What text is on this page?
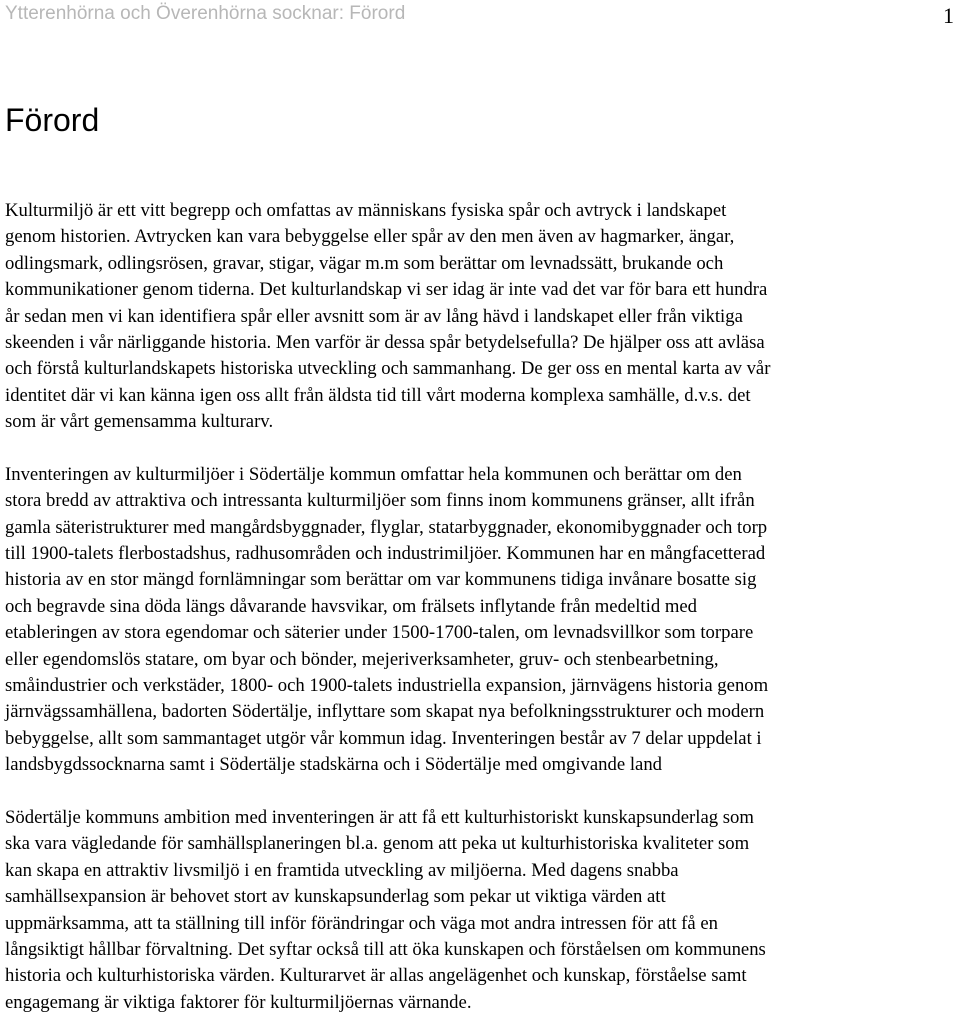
Ytterenhörna och Överenhörna socknar: Förord	1
Förord
Kulturmiljö är ett vitt begrepp och omfattas av människans fysiska spår och avtryck i landskapet
genom historien. Avtrycken kan vara bebyggelse eller spår av den men även av hagmarker, ängar,
odlingsmark, odlingsrösen, gravar, stigar, vägar m.m som berättar om levnadssätt, brukande och
kommunikationer genom tiderna. Det kulturlandskap vi ser idag är inte vad det var för bara ett hundra
år sedan men vi kan identifiera spår eller avsnitt som är av lång hävd i landskapet eller från viktiga
skeenden i vår närliggande historia. Men varför är dessa spår betydelsefulla? De hjälper oss att avläsa
och förstå kulturlandskapets historiska utveckling och sammanhang. De ger oss en mental karta av vår
identitet där vi kan känna igen oss allt från äldsta tid till vårt moderna komplexa samhälle, d.v.s. det
som är vårt gemensamma kulturarv.
Inventeringen av kulturmiljöer i Södertälje kommun omfattar hela kommunen och berättar om den
stora bredd av attraktiva och intressanta kulturmiljöer som finns inom kommunens gränser, allt ifrån
gamla säteristrukturer med mangårdsbyggnader, flyglar, statarbyggnader, ekonomibyggnader och torp
till 1900-talets flerbostadshus, radhusområden och industrimiljöer. Kommunen har en mångfacetterad
historia av en stor mängd fornlämningar som berättar om var kommunens tidiga invånare bosatte sig
och begravde sina döda längs dåvarande havsvikar, om frälsets inflytande från medeltid med
etableringen av stora egendomar och säterier under 1500-1700-talen, om levnadsvillkor som torpare
eller egendomslös statare, om byar och bönder, mejeriverksamheter, gruv- och stenbearbetning,
småindustrier och verkstäder, 1800- och 1900-talets industriella expansion, järnvägens historia genom
järnvägssamhällena, badorten Södertälje, inflyttare som skapat nya befolkningsstrukturer och modern
bebyggelse, allt som sammantaget utgör vår kommun idag. Inventeringen består av 7 delar uppdelat i
landsbygdssocknarna samt i Södertälje stadskärna och i Södertälje med omgivande land
Södertälje kommuns ambition med inventeringen är att få ett kulturhistoriskt kunskapsunderlag som
ska vara vägledande för samhällsplaneringen bl.a. genom att peka ut kulturhistoriska kvaliteter som
kan skapa en attraktiv livsmiljö i en framtida utveckling av miljöerna. Med dagens snabba
samhällsexpansion är behovet stort av kunskapsunderlag som pekar ut viktiga värden att
uppmärksamma, att ta ställning till inför förändringar och väga mot andra intressen för att få en
långsiktigt hållbar förvaltning. Det syftar också till att öka kunskapen och förståelsen om kommunens
historia och kulturhistoriska värden. Kulturarvet är allas angelägenhet och kunskap, förståelse samt
engagemang är viktiga faktorer för kulturmiljöernas värnande.
